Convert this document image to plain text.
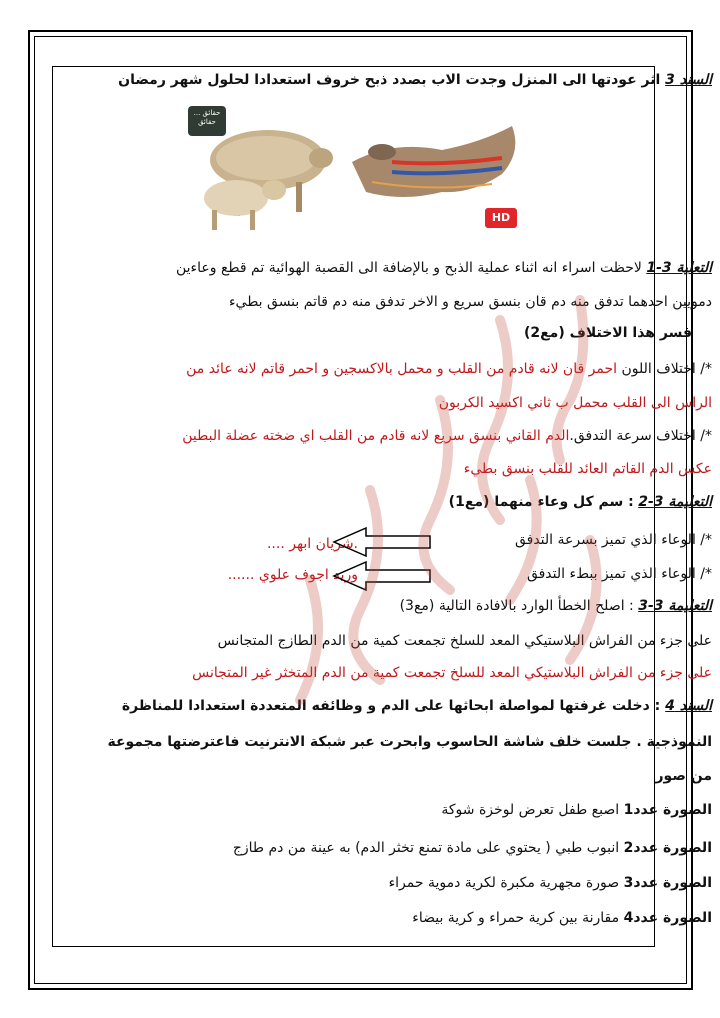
السند 3 اثر عودتها الى المنزل وجدت الاب بصدد ذبح خروف استعدادا لحلول شهر رمضان
حقائق ... حقائق
HD
التعلية 3-1 لاحظت اسراء انه اثناء عملية الذبح و بالإضافة الى القصبة الهوائية تم قطع وعاءين
دمويين احدهما تدفق منه دم قان بنسق سريع و الاخر تدفق منه دم قاتم بنسق بطيء
فسر هذا الاختلاف (مع2)
*/ اختلاف اللون احمر قان لانه قادم من القلب و محمل بالاكسجين و احمر قاتم لانه عائد من
الراس الى القلب محمل ب ثاني اكسيد الكربون
*/ اختلاف سرعة التدفق.الدم القاني بنسق سريع لانه قادم من القلب اي ضخته عضلة البطين
عكس الدم القاتم العائد للقلب بنسق بطيء
التعليمة 3-2 : سم كل وعاء منهما (مع1)
*/ الوعاء الذي تميز بسرعة التدفق
.شريان ابهر ....
*/ الوعاء الذي تميز ببطء التدفق
وريد اجوف علوي ......
التعليمة 3-3 : اصلح الخطأ الوارد بالافادة التالية (مع3)
على جزء من الفراش البلاستيكي المعد للسلخ تجمعت كمية من الدم الطازج المتجانس
على جزء من الفراش البلاستيكي المعد للسلخ تجمعت كمية من الدم المتخثر غير المتجانس
السند 4 : دخلت غرفتها لمواصلة ابحاثها على الدم و وظائفه المتعددة استعدادا للمناظرة
النموذجية . جلست خلف شاشة الحاسوب وابحرت عبر شبكة الانترنيت فاعترضتها مجموعة
من صور
الصورة عدد1 اصبع طفل تعرض لوخزة شوكة
الصورة عدد2 انبوب طبي ( يحتوي على مادة تمنع تخثر الدم) به عينة من دم طازج
الصورة عدد3 صورة مجهرية مكبرة لكرية دموية حمراء
الصورة عدد4 مقارنة بين كرية حمراء و كرية بيضاء
